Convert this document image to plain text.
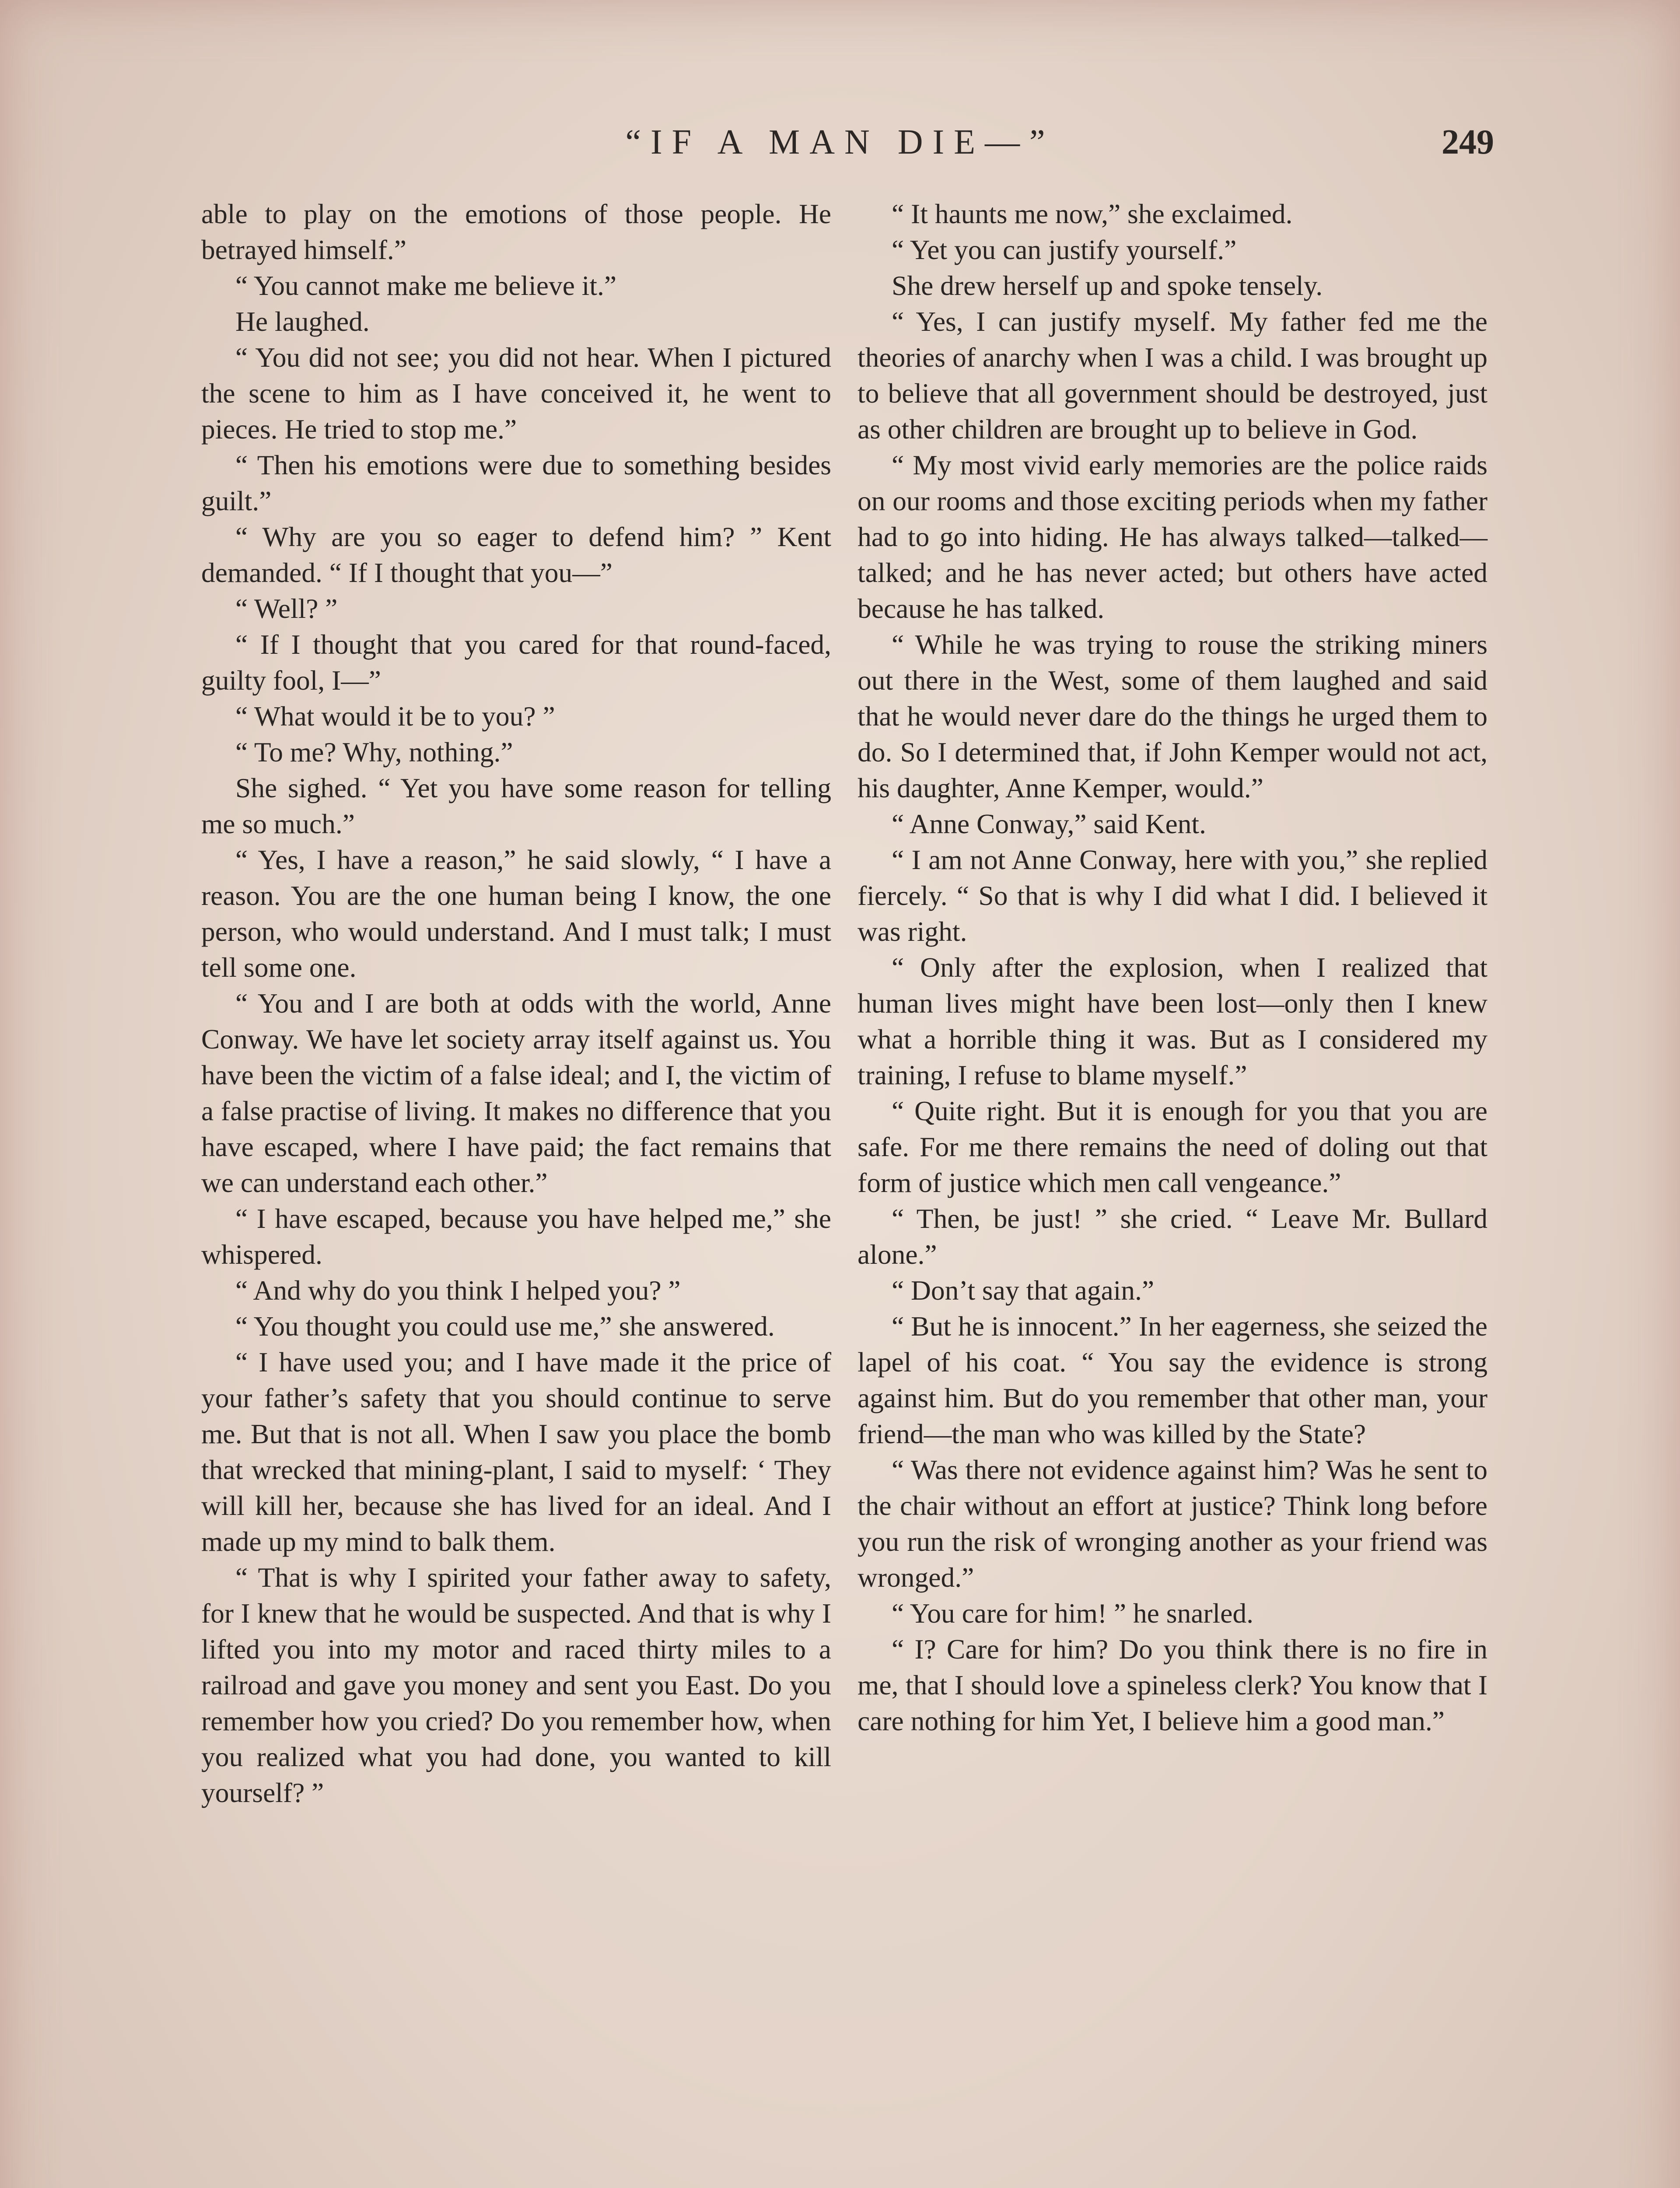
“IF A MAN DIE—”	249

able to play on the emotions of those people. He betrayed himself.”

“ You cannot make me believe it.”

He laughed.

“ You did not see; you did not hear. When I pictured the scene to him as I have conceived it, he went to pieces. He tried to stop me.”

“ Then his emotions were due to something besides guilt.”

“ Why are you so eager to defend him? ” Kent demanded. “ If I thought that you—”

“ Well? ”

“ If I thought that you cared for that round-faced, guilty fool, I—”

“ What would it be to you? ”

“ To me? Why, nothing.”

She sighed. “ Yet you have some reason for telling me so much.”

“ Yes, I have a reason,” he said slowly, “ I have a reason. You are the one human being I know, the one person, who would understand. And I must talk; I must tell some one.

“ You and I are both at odds with the world, Anne Conway. We have let society array itself against us. You have been the victim of a false ideal; and I, the victim of a false practise of living. It makes no difference that you have escaped, where I have paid; the fact remains that we can understand each other.”

“ I have escaped, because you have helped me,” she whispered.

“ And why do you think I helped you? ”

“ You thought you could use me,” she answered.

“ I have used you; and I have made it the price of your father’s safety that you should continue to serve me. But that is not all. When I saw you place the bomb that wrecked that mining-plant, I said to myself: ‘ They will kill her, because she has lived for an ideal. And I made up my mind to balk them.

“ That is why I spirited your father away to safety, for I knew that he would be suspected. And that is why I lifted you into my motor and raced thirty miles to a railroad and gave you money and sent you East. Do you remember how you cried? Do you remember how, when you realized what you had done, you wanted to kill yourself? ”

“ It haunts me now,” she exclaimed.

“ Yet you can justify yourself.”

She drew herself up and spoke tensely.

“ Yes, I can justify myself. My father fed me the theories of anarchy when I was a child. I was brought up to believe that all government should be destroyed, just as other children are brought up to believe in God.

“ My most vivid early memories are the police raids on our rooms and those exciting periods when my father had to go into hiding. He has always talked—talked—talked; and he has never acted; but others have acted because he has talked.

“ While he was trying to rouse the striking miners out there in the West, some of them laughed and said that he would never dare do the things he urged them to do. So I determined that, if John Kemper would not act, his daughter, Anne Kemper, would.”

“ Anne Conway,” said Kent.

“ I am not Anne Conway, here with you,” she replied fiercely. “ So that is why I did what I did. I believed it was right.

“ Only after the explosion, when I realized that human lives might have been lost—only then I knew what a horrible thing it was. But as I considered my training, I refuse to blame myself.”

“ Quite right. But it is enough for you that you are safe. For me there remains the need of doling out that form of justice which men call vengeance.”

“ Then, be just! ” she cried. “ Leave Mr. Bullard alone.”

“ Don’t say that again.”

“ But he is innocent.” In her eagerness, she seized the lapel of his coat. “ You say the evidence is strong against him. But do you remember that other man, your friend—the man who was killed by the State?

“ Was there not evidence against him? Was he sent to the chair without an effort at justice? Think long before you run the risk of wronging another as your friend was wronged.”

“ You care for him! ” he snarled.

“ I? Care for him? Do you think there is no fire in me, that I should love a spineless clerk? You know that I care nothing for him Yet, I believe him a good man.”
